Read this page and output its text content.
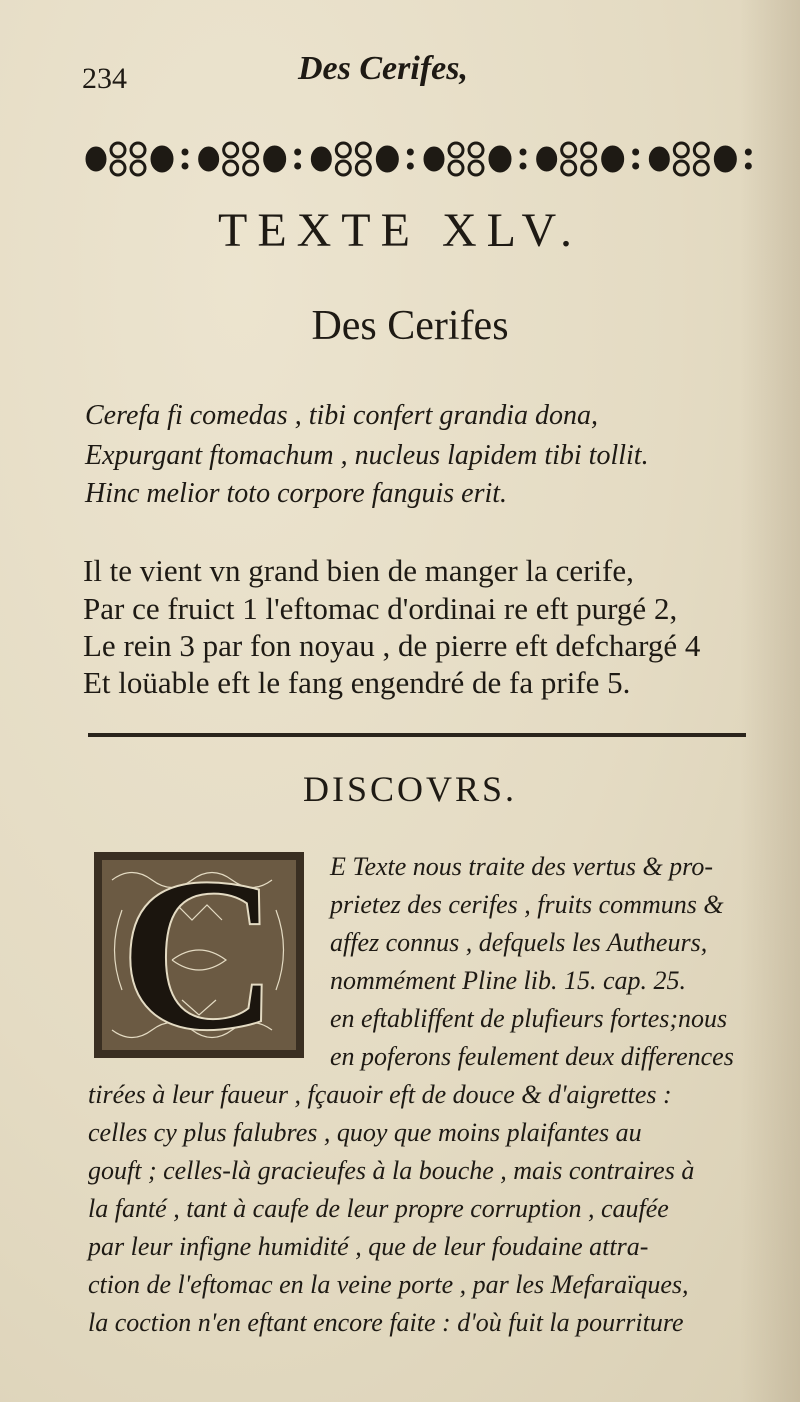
234	Des Cerifes,
TEXTE XLV.
Des Cerifes
Cerefa fi comedas , tibi confert grandia dona,
Expurgant ftomachum , nucleus lapidem tibi tollit.
Hinc melior toto corpore fanguis erit.
Il te vient vn grand bien de manger la cerife,
Par ce fruict 1 l'eftomac d'ordinai re eft purgé 2,
Le rein 3 par fon noyau , de pierre eft defchargé 4
Et loüable eft le fang engendré de fa prife 5.
DISCOVRS.
C E Texte nous traite des vertus & pro-
prietez des cerifes , fruits communs &
affez connus , defquels les Autheurs,
nommément Pline lib. 15. cap. 25.
en eftabliffent de plufieurs fortes;nous
en poferons feulement deux differences
tirées à leur faueur , fçauoir eft de douce & d'aigrettes :
celles cy plus falubres , quoy que moins plaifantes au
gouft ; celles-là gracieufes à la bouche , mais contraires à
la fanté , tant à caufe de leur propre corruption , caufée
par leur infigne humidité , que de leur foudaine attra-
ction de l'eftomac en la veine porte , par les Mefaraïques,
la coction n'en eftant encore faite : d'où fuit la pourriture
